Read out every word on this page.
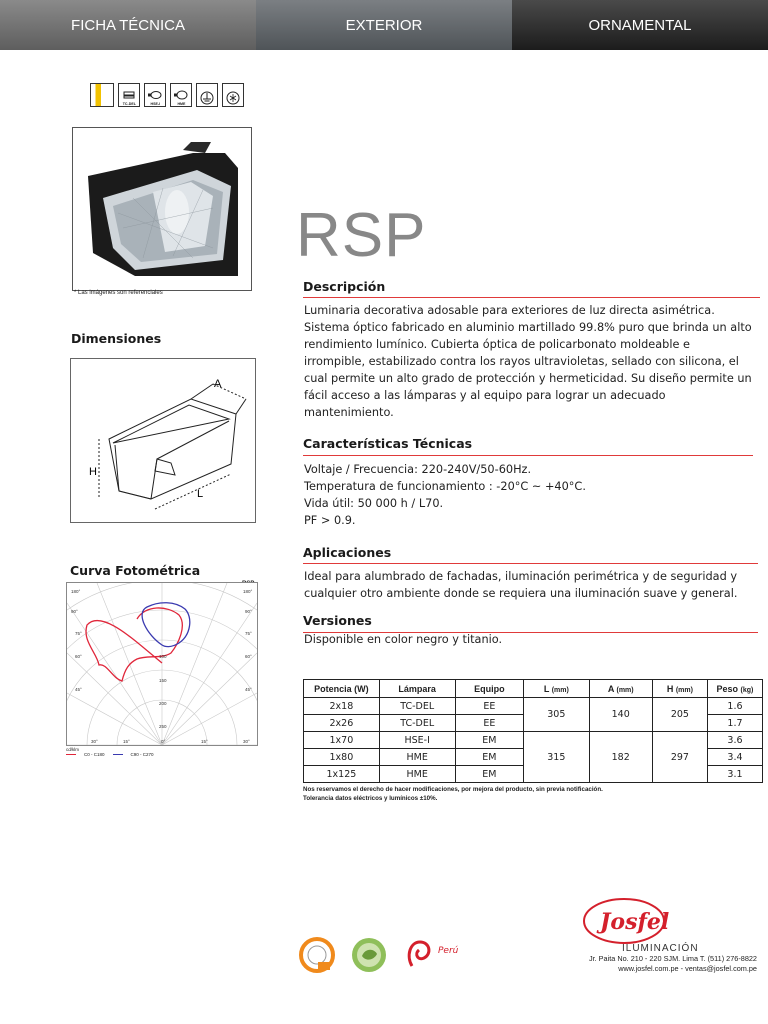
FICHA TÉCNICA	EXTERIOR	ORNAMENTAL
TC-DEL	HSE-I	HME
* Las imágenes son referenciales
RSP
Descripción
Luminaria decorativa adosable para exteriores de luz directa asimétrica. Sistema óptico fabricado en aluminio martillado 99.8% puro que brinda un alto rendimiento lumínico. Cubierta óptica de policarbonato moldeable e irrompible, estabilizado contra los rayos ultravioletas, sellado con silicona, el cual permite un alto grado de protección y hermeticidad. Su diseño permite un fácil acceso a las lámparas y al equipo para lograr un adecuado mantenimiento.
Dimensiones
A
H
L
Características Técnicas
Voltaje / Frecuencia: 220-240V/50-60Hz.
Temperatura de funcionamiento : -20°C ~ +40°C.
Vida útil: 50 000 h / L70.
PF > 0.9.
Aplicaciones
Ideal para alumbrado de fachadas, iluminación perimétrica y de seguridad y cualquier otro ambiente donde se requiera una iluminación suave y general.
Versiones
Disponible en color negro y titanio.
Curva Fotométrica
180°	180°
90°	90°
75°	75°
60°	60°
45°	45°
30°	15°	0°	15°	30°
100
150
200
250
cd/klm
C0 - C180	C90 - C270
Potencia (W)	Lámpara	Equipo	L (mm)	A (mm)	H (mm)	Peso (kg)
2x18	TC-DEL	EE	305	140	205	1.6
2x26	TC-DEL	EE				1.7
1x70	HSE-I	EM	315	182	297	3.6
1x80	HME	EM				3.4
1x125	HME	EM				3.1
Nos reservamos el derecho de hacer modificaciones, por mejora del producto, sin previa notificación.
Tolerancia datos eléctricos y lumínicos ±10%.
Perú
Josfel
ILUMINACIÓN
Jr. Paita No. 210 - 220 SJM. Lima T. (511) 276-8822
www.josfel.com.pe - ventas@josfel.com.pe
